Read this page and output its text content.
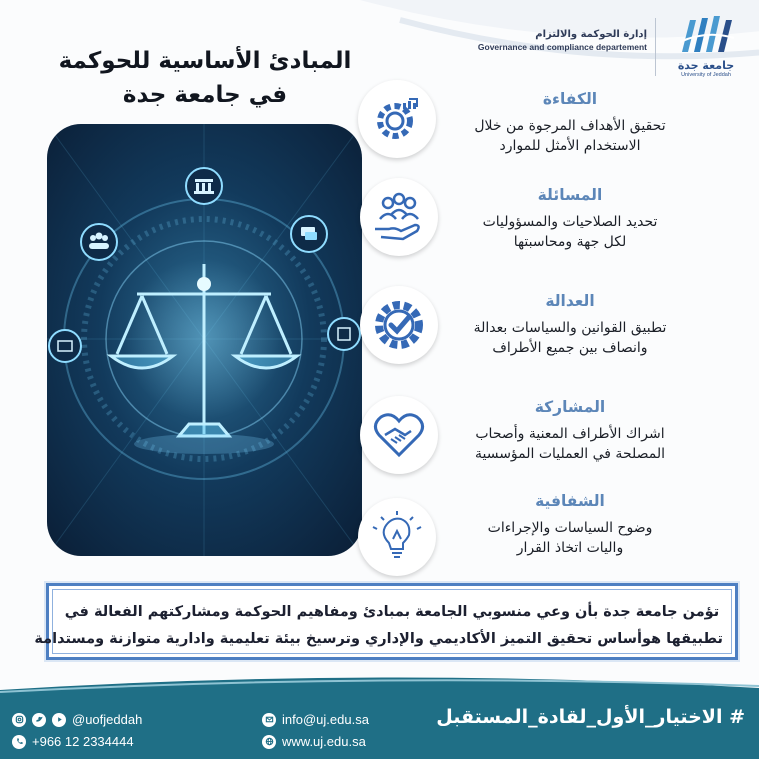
جامعة جدة
University of Jeddah
إدارة الحوكمة والالتزام
Governance and compliance departement
المبادئ الأساسية للحوكمة
في جامعة جدة	الكفاءة
تحقيق الأهداف المرجوة من خلال
الاستخدام الأمثل للموارد
المسائلة
تحديد الصلاحيات والمسؤوليات
لكل جهة ومحاسبتها
العدالة
تطبيق القوانين والسياسات بعدالة
وانصاف بين جميع الأطراف
المشاركة
اشراك الأطراف المعنية وأصحاب
المصلحة في العمليات المؤسسية
الشفافية
وضوح السياسات والإجراءات
واليات اتخاذ القرار
تؤمن جامعة جدة بأن وعي منسوبي الجامعة بمبادئ ومفاهيم الحوكمة ومشاركتهم الفعالة في
تطبيقها هوأساس تحقيق التميز الأكاديمي والإداري وترسيخ بيئة تعليمية وادارية متوازنة ومستدامة
@uofjeddah
+966 12 2334444
info@uj.edu.sa
www.uj.edu.sa
# الاختيار_الأول_لقادة_المستقبل
